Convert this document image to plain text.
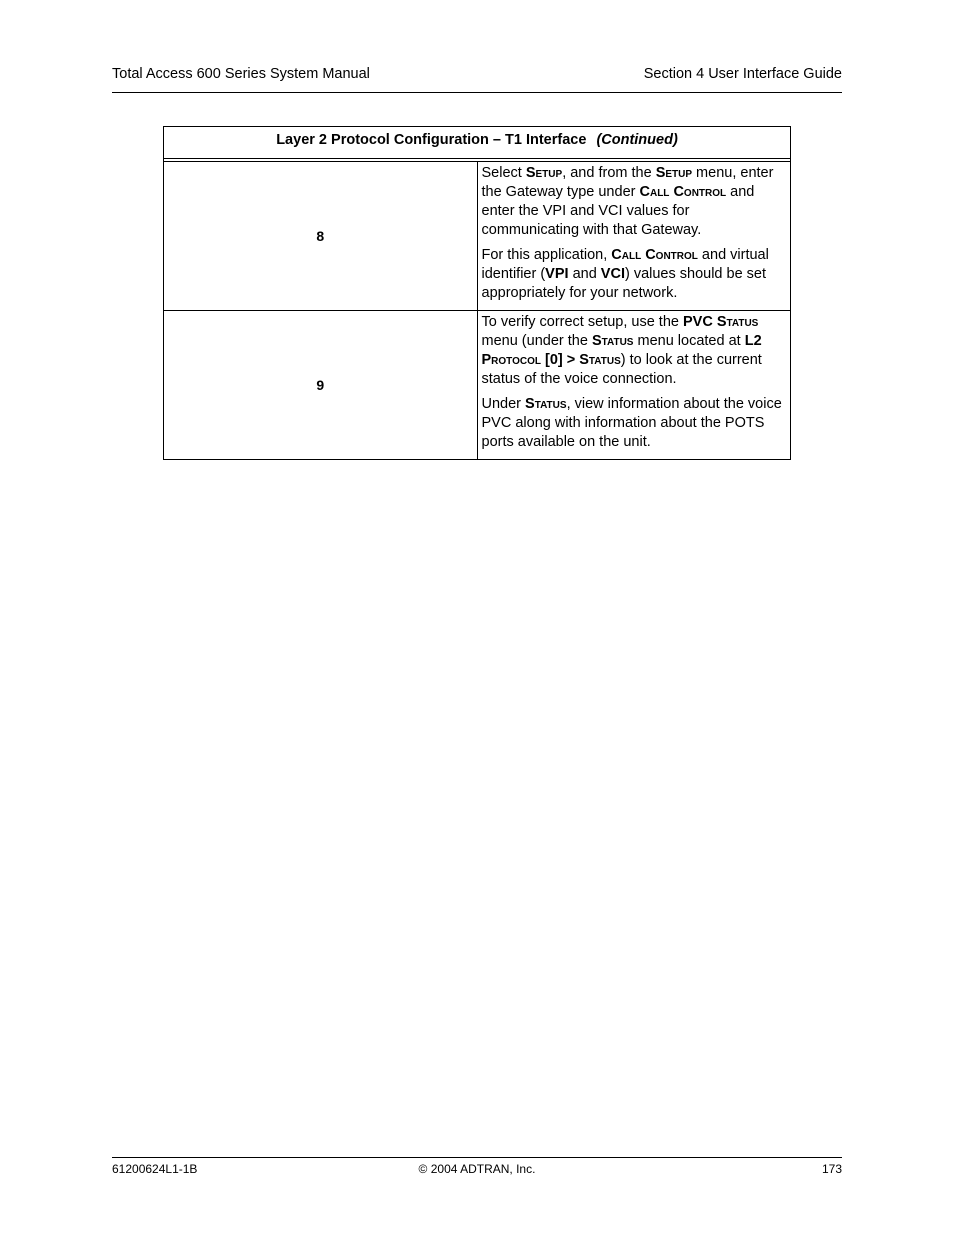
Total Access 600 Series System Manual	Section 4 User Interface Guide
Layer 2 Protocol Configuration – T1 Interface (Continued)	

8	Select Setup, and from the Setup menu, enter the Gateway type under Call Control and enter the VPI and VCI values for communicating with that Gateway.

For this application, Call Control and virtual identifier (VPI and VCI) values should be set appropriately for your network.

9	To verify correct setup, use the PVC Status menu (under the Status menu located at L2 Protocol [0] > Status) to look at the current status of the voice connection.

Under Status, view information about the voice PVC along with information about the POTS ports available on the unit.

61200624L1-1B	© 2004 ADTRAN, Inc.	173
